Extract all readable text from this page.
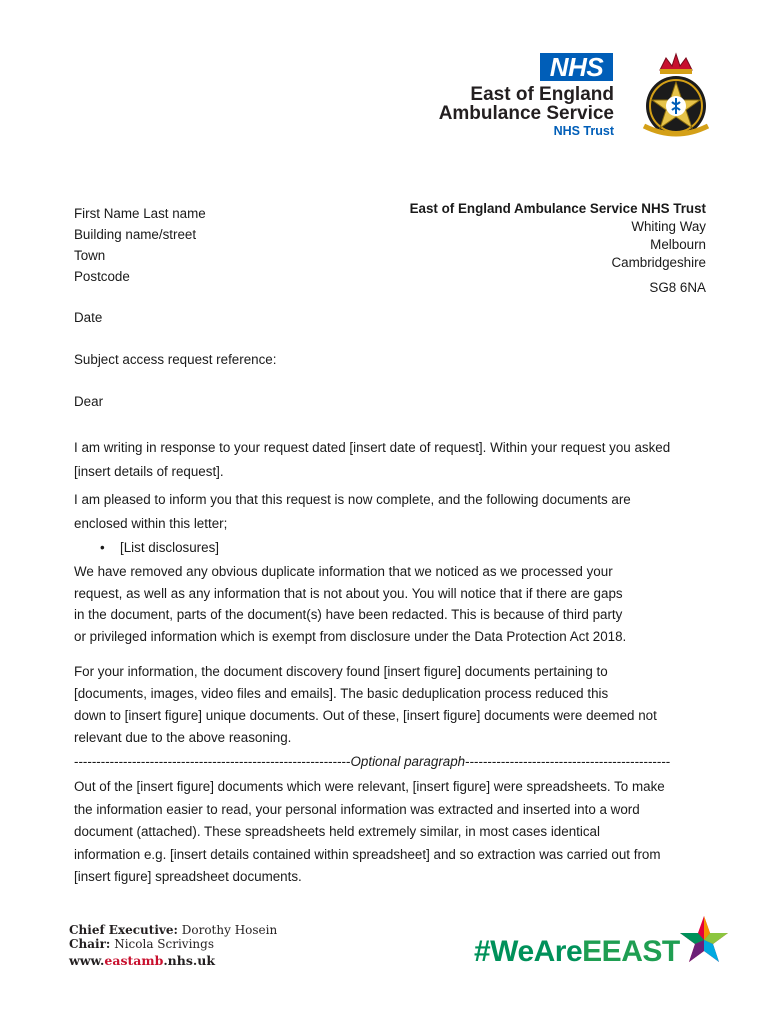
NHS
East of England
Ambulance Service
NHS Trust
First Name Last name
Building name/street
Town
Postcode
East of England Ambulance Service NHS Trust
Whiting Way
Melbourn
Cambridgeshire
SG8 6NA
Date
Subject access request reference:
Dear
I am writing in response to your request dated [insert date of request]. Within your request you asked
[insert details of request].
I am pleased to inform you that this request is now complete, and the following documents are
enclosed within this letter;
• [List disclosures]
We have removed any obvious duplicate information that we noticed as we processed your
request, as well as any information that is not about you. You will notice that if there are gaps
in the document, parts of the document(s) have been redacted. This is because of third party
or privileged information which is exempt from disclosure under the Data Protection Act 2018.
For your information, the document discovery found [insert figure] documents pertaining to
[documents, images, video files and emails]. The basic deduplication process reduced this
down to [insert figure] unique documents. Out of these, [insert figure] documents were deemed not
relevant due to the above reasoning.
--------------------------------------------------------------Optional paragraph----------------------------------------------
Out of the [insert figure] documents which were relevant, [insert figure] were spreadsheets. To make
the information easier to read, your personal information was extracted and inserted into a word
document (attached). These spreadsheets held extremely similar, in most cases identical
information e.g. [insert details contained within spreadsheet] and so extraction was carried out from
[insert figure] spreadsheet documents.
Chief Executive: Dorothy Hosein
Chair: Nicola Scrivings
www.eastamb.nhs.uk	#WeAreEEAST
